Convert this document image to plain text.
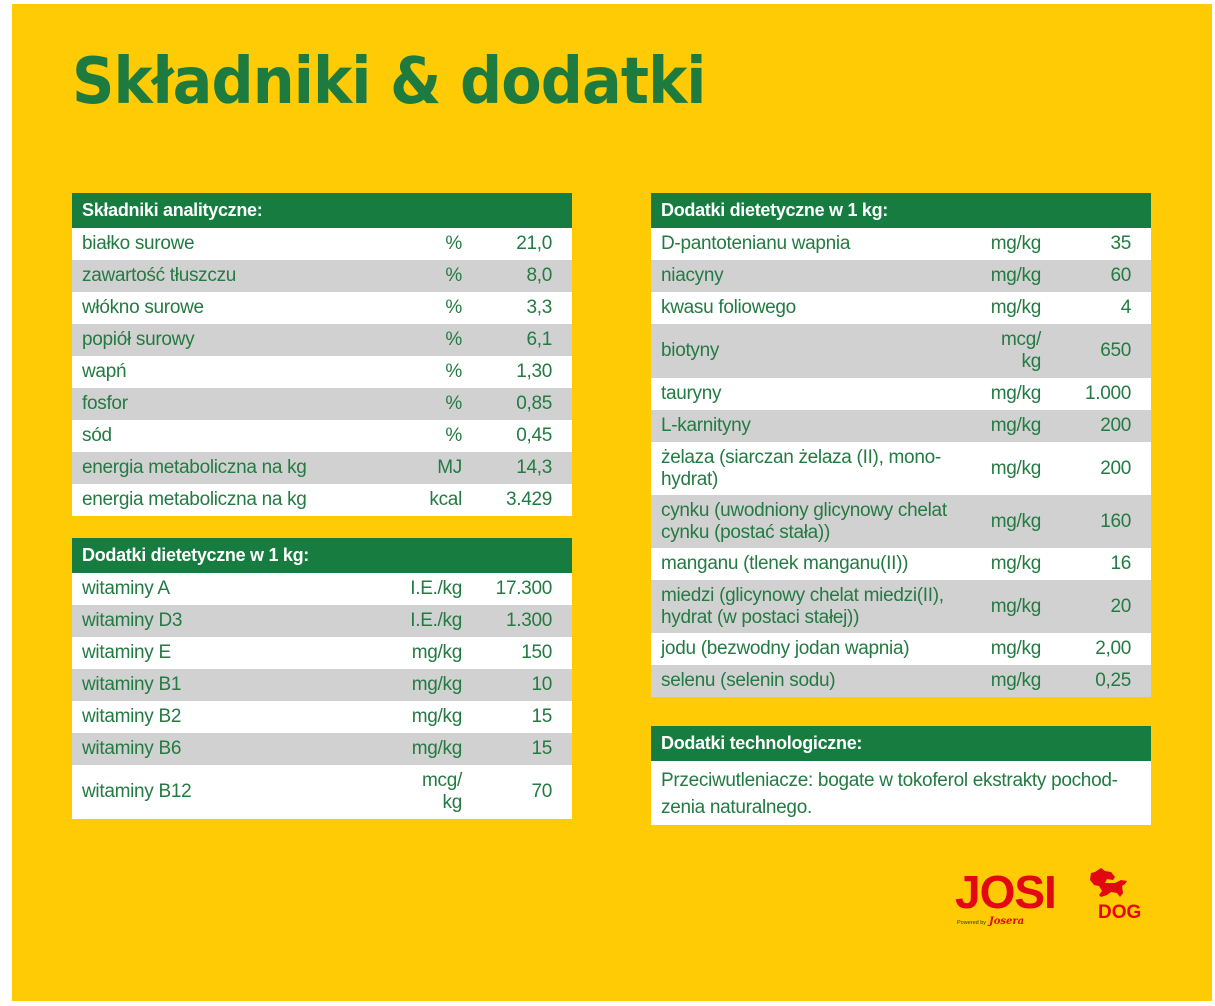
Składniki & dodatki
Składniki analityczne:		
białko surowe	%	21,0
zawartość tłuszczu	%	8,0
włókno surowe	%	3,3
popiół surowy	%	6,1
wapń	%	1,30
fosfor	%	0,85
sód	%	0,45
energia metaboliczna na kg	MJ	14,3
energia metaboliczna na kg	kcal	3.429
Dodatki dietetyczne w 1 kg:		
witaminy A	I.E./kg	17.300
witaminy D3	I.E./kg	1.300
witaminy E	mg/kg	150
witaminy B1	mg/kg	10
witaminy B2	mg/kg	15
witaminy B6	mg/kg	15
witaminy B12	mcg/
kg	70
Dodatki dietetyczne w 1 kg:		
D-pantotenianu wapnia	mg/kg	35
niacyny	mg/kg	60
kwasu foliowego	mg/kg	4
biotyny	mcg/
kg	650
tauryny	mg/kg	1.000
L-karnityny	mg/kg	200
żelaza (siarczan żelaza (II), mono-
hydrat)	mg/kg	200
cynku (uwodniony glicynowy chelat
cynku (postać stała))	mg/kg	160
manganu (tlenek manganu(II))	mg/kg	16
miedzi (glicynowy chelat miedzi(II),
hydrat (w postaci stałej))	mg/kg	20
jodu (bezwodny jodan wapnia)	mg/kg	2,00
selenu (selenin sodu)	mg/kg	0,25
Dodatki technologiczne:
Przeciwutleniacze: bogate w tokoferol ekstrakty pochod-
zenia naturalnego.
JOSI DOG
Powered by Josera
